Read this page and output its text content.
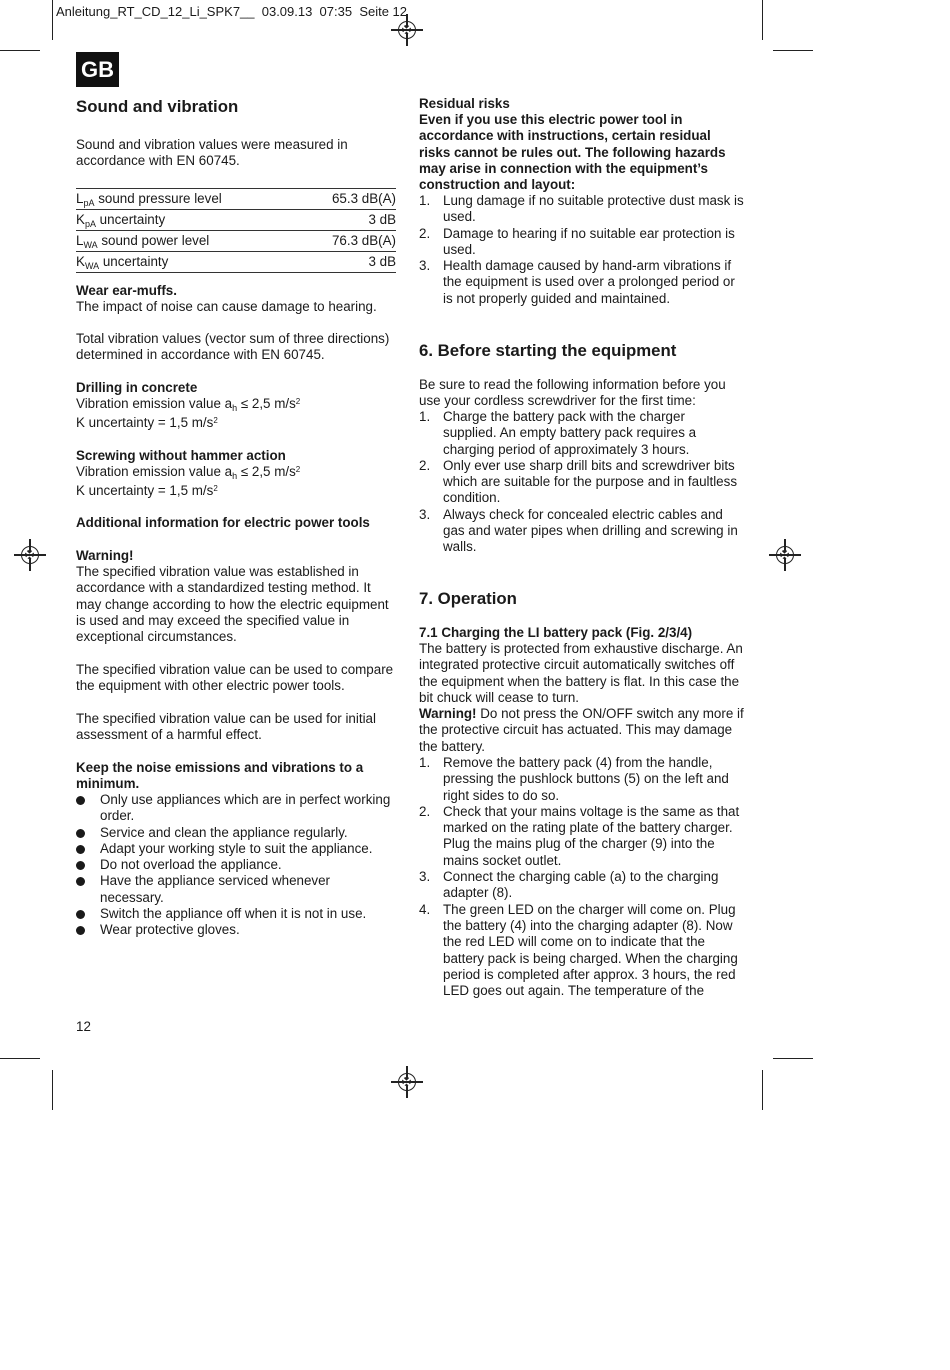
Anleitung_RT_CD_12_Li_SPK7__  03.09.13  07:35  Seite 12
GB
Sound and vibration

Sound and vibration values were measured in accordance with EN 60745.

$L_{pA}$ sound pressure level	65.3 dB(A)
$K_{pA}$ uncertainty	3 dB
$L_{WA}$ sound power level	76.3 dB(A)
$K_{WA}$ uncertainty	3 dB

Wear ear-muffs.

The impact of noise can cause damage to hearing.

Total vibration values (vector sum of three directions) determined in accordance with EN 60745.

Drilling in concrete

Vibration emission value $a_h \le 2,5$ $m/s^2$

K uncertainty = 1,5 $m/s^2$

Screwing without hammer action

Vibration emission value $a_h \le 2,5$ $m/s^2$

K uncertainty = 1,5 $m/s^2$

Additional information for electric power tools

Warning!

The specified vibration value was established in accordance with a standardized testing method. It may change according to how the electric equipment is used and may exceed the specified value in exceptional circumstances.

The specified vibration value can be used to compare the equipment with other electric power tools.

The specified vibration value can be used for initial assessment of a harmful effect.

Keep the noise emissions and vibrations to a minimum.

Only use appliances which are in perfect working order.
Service and clean the appliance regularly.
Adapt your working style to suit the appliance.
Do not overload the appliance.
Have the appliance serviced whenever necessary.
Switch the appliance off when it is not in use.
Wear protective gloves.

12

Residual risks

Even if you use this electric power tool in accordance with instructions, certain residual risks cannot be rules out. The following hazards may arise in connection with the equipment’s construction and layout:

1. Lung damage if no suitable protective dust mask is used.
2. Damage to hearing if no suitable ear protection is used.
3. Health damage caused by hand-arm vibrations if the equipment is used over a prolonged period or is not properly guided and maintained.
6. Before starting the equipment

Be sure to read the following information before you use your cordless screwdriver for the first time:

1. Charge the battery pack with the charger supplied. An empty battery pack requires a charging period of approximately 3 hours.
2. Only ever use sharp drill bits and screwdriver bits which are suitable for the purpose and in faultless condition.
3. Always check for concealed electric cables and gas and water pipes when drilling and screwing in walls.
7. Operation

7.1 Charging the LI battery pack (Fig. 2/3/4)

The battery is protected from exhaustive discharge. An integrated protective circuit automatically switches off the equipment when the battery is flat. In this case the bit chuck will cease to turn.

Warning! Do not press the ON/OFF switch any more if the protective circuit has actuated. This may damage the battery.

1. Remove the battery pack (4) from the handle, pressing the pushlock buttons (5) on the left and right sides to do so.
2. Check that your mains voltage is the same as that marked on the rating plate of the battery charger. Plug the mains plug of the charger (9) into the mains socket outlet.
3. Connect the charging cable (a) to the charging adapter (8).
4. The green LED on the charger will come on. Plug the battery (4) into the charging adapter (8). Now the red LED will come on to indicate that the battery pack is being charged. When the charging period is completed after approx. 3 hours, the red LED goes out again. The temperature of the
